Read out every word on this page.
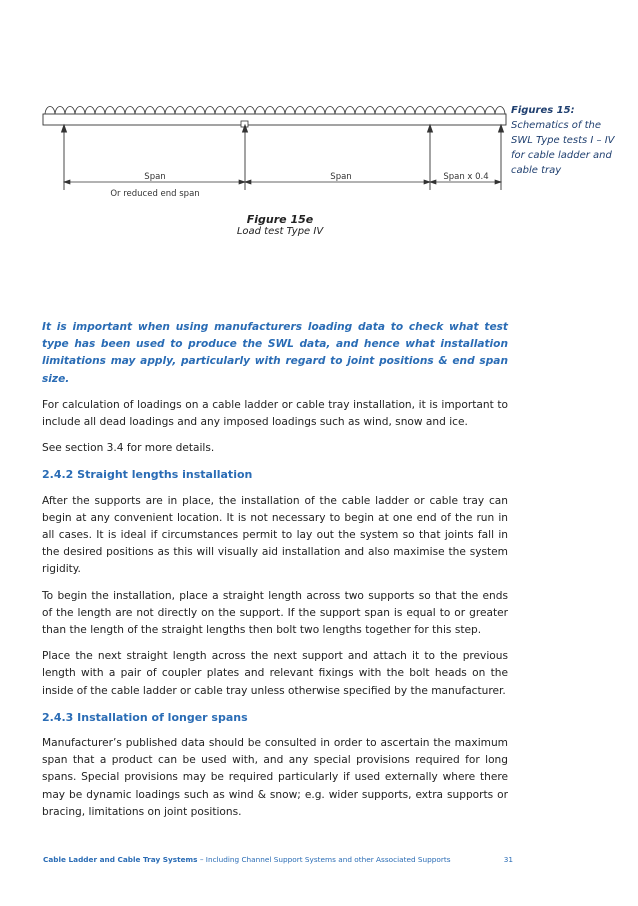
Span
Or reduced end span
Span	Span x 0.4
Figure 15e
Load test Type IV
Figures 15:
Schematics of the SWL Type tests I – IV for cable ladder and cable tray

It is important when using manufacturers loading data to check what test type has been used to produce the SWL data, and hence what installation limitations may apply, particularly with regard to joint positions & end span size.

For calculation of loadings on a cable ladder or cable tray installation, it is important to include all dead loadings and any imposed loadings such as wind, snow and ice.

See section 3.4 for more details.

2.4.2 Straight lengths installation

After the supports are in place, the installation of the cable ladder or cable tray can begin at any convenient location. It is not necessary to begin at one end of the run in all cases. It is ideal if circumstances permit to lay out the system so that joints fall in the desired positions as this will visually aid installation and also maximise the system rigidity.

To begin the installation, place a straight length across two supports so that the ends of the length are not directly on the support. If the support span is equal to or greater than the length of the straight lengths then bolt two lengths together for this step.

Place the next straight length across the next support and attach it to the previous length with a pair of coupler plates and relevant fixings with the bolt heads on the inside of the cable ladder or cable tray unless otherwise specified by the manufacturer.

2.4.3 Installation of longer spans

Manufacturer’s published data should be consulted in order to ascertain the maximum span that a product can be used with, and any special provisions required for long spans. Special provisions may be required particularly if used externally where there may be dynamic loadings such as wind & snow; e.g. wider supports, extra supports or bracing, limitations on joint positions.

Cable Ladder and Cable Tray Systems – Including Channel Support Systems and other Associated Supports	31
